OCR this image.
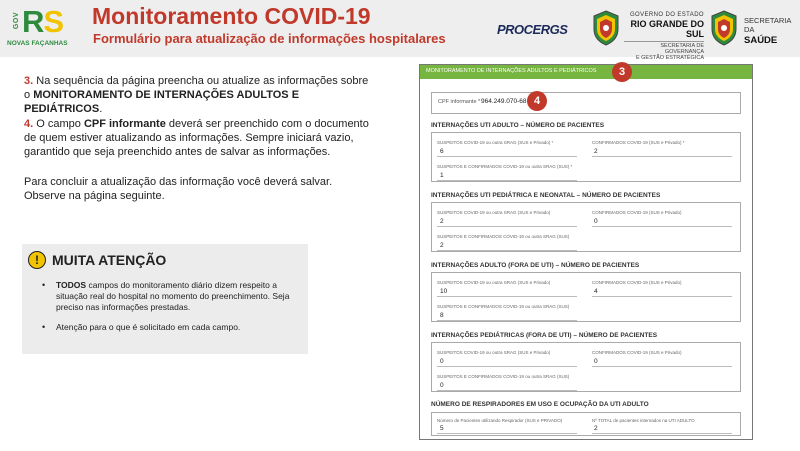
GOV RS
NOVAS FAÇANHAS
Monitoramento COVID-19
Formulário para atualização de informações hospitalares
PROCERGS
GOVERNO DO ESTADO
RIO GRANDE DO SUL
SECRETARIA DE GOVERNANÇA
E GESTÃO ESTRATÉGICA
SECRETARIA DA
SAÚDE
3. Na sequência da página preencha ou atualize as informações sobre o MONITORAMENTO DE INTERNAÇÕES ADULTOS E PEDIÁTRICOS.
4. O campo CPF informante deverá ser preenchido com o documento de quem estiver atualizando as informações. Sempre iniciará vazio, garantido que seja preenchido antes de salvar as informações.
Para concluir a atualização das informação você deverá salvar. Observe na página seguinte.
! MUITA ATENÇÃO
• TODOS campos do monitoramento diário dizem respeito a situação real do hospital no momento do preenchimento. Seja preciso nas informações prestadas.
• Atenção para o que é solicitado em cada campo.
MONITORAMENTO DE INTERNAÇÕES ADULTOS E PEDIÁTRICOS	3
CPF informante * 964.249.070-68 4
INTERNAÇÕES UTI ADULTO – NÚMERO DE PACIENTES
SUSPEITOS COVID-19 ou outra SRAG (SUS e Privado) *
6
CONFIRMADOS COVID-19 (SUS e Privado) *
2
SUSPEITOS E CONFIRMADOS COVID-19 ou outra SRAG (SUS) *
1
INTERNAÇÕES UTI PEDIÁTRICA E NEONATAL – NÚMERO DE PACIENTES
SUSPEITOS COVID-19 ou outra SRAG (SUS e Privado)
2
CONFIRMADOS COVID-19 (SUS e Privado)
0
SUSPEITOS E CONFIRMADOS COVID-19 ou outra SRAG (SUS)
2
INTERNAÇÕES ADULTO (FORA DE UTI) – NÚMERO DE PACIENTES
SUSPEITOS COVID-19 ou outra SRAG (SUS e Privado)
10
CONFIRMADOS COVID-19 (SUS e Privado)
4
SUSPEITOS E CONFIRMADOS COVID-19 ou outra SRAG (SUS)
8
INTERNAÇÕES PEDIÁTRICAS (FORA DE UTI) – NÚMERO DE PACIENTES
SUSPEITOS COVID-19 ou outra SRAG (SUS e Privado)
0
CONFIRMADOS COVID-19 (SUS e Privado)
0
SUSPEITOS E CONFIRMADOS COVID-19 ou outra SRAG (SUS)
0
NÚMERO DE RESPIRADORES EM USO E OCUPAÇÃO DA UTI ADULTO
Número de Pacientes utilizando Respirador (SUS e PRIVADO)
5
Nº TOTAL de pacientes internados na UTI ADULTO
2
